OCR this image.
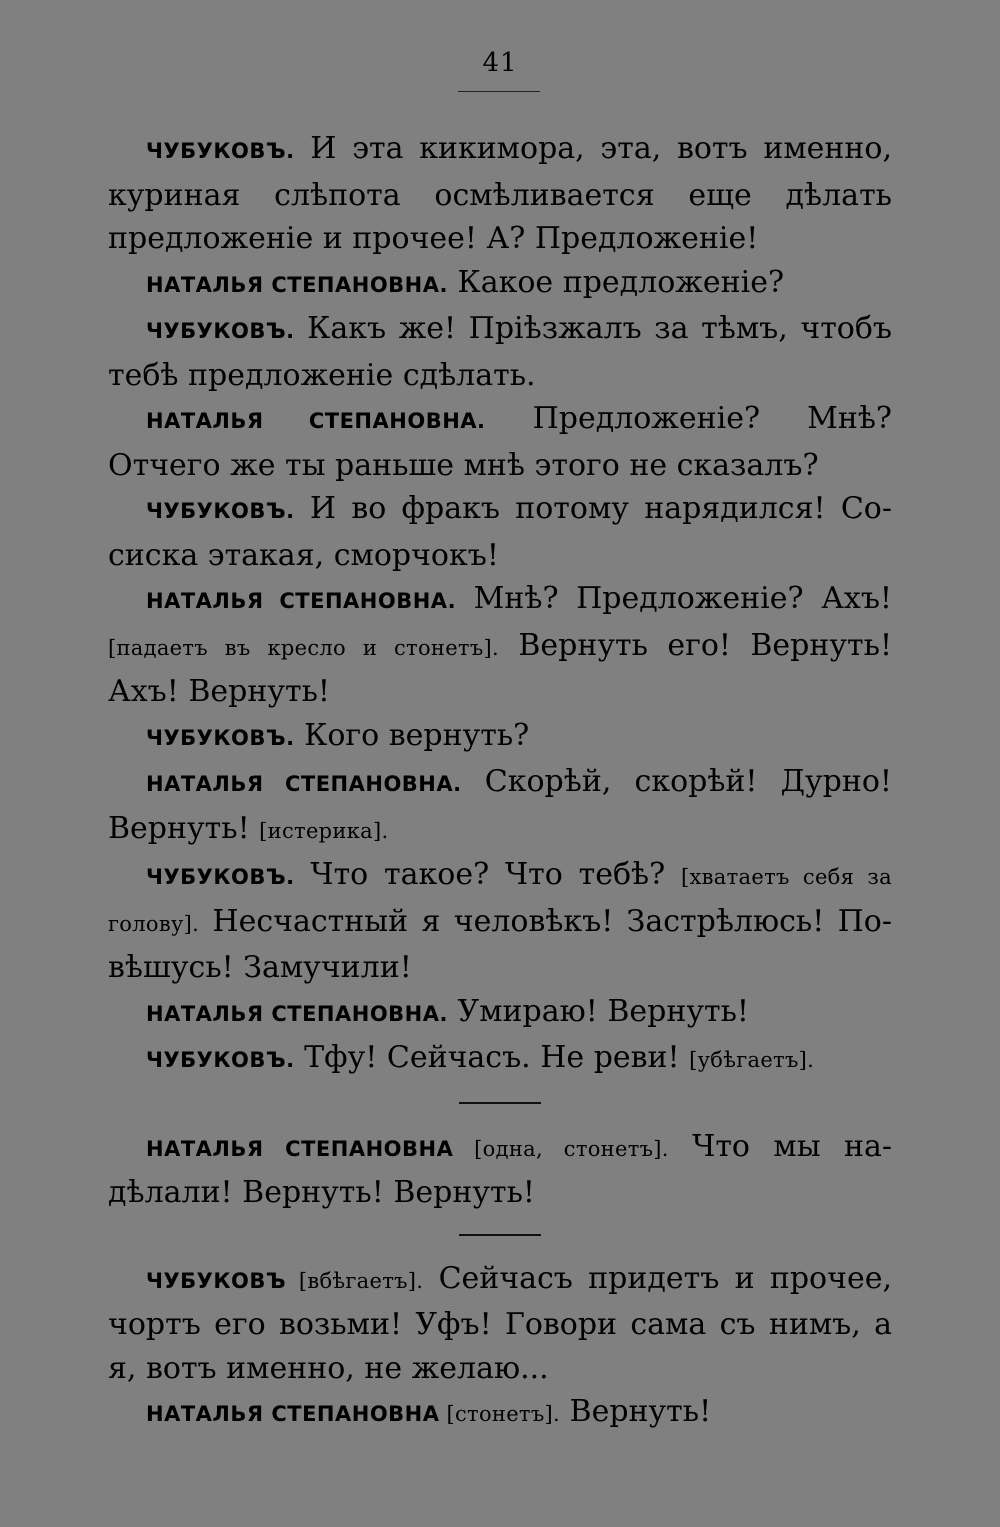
41

ЧУБУКОВЪ. И эта кикимора, эта, вотъ именно, куриная слѣпота осмѣливается еще дѣлать предложеніе и прочее! А? Предложеніе!

НАТАЛЬЯ СТЕПАНОВНА. Какое предложеніе?

ЧУБУКОВЪ. Какъ же! Пріѣзжалъ за тѣмъ, чтобъ тебѣ предложеніе сдѣлать.

НАТАЛЬЯ СТЕПАНОВНА. Предложеніе? Мнѣ? Отчего же ты раньше мнѣ этого не сказалъ?

ЧУБУКОВЪ. И во фракъ потому нарядился! Сосиска этакая, сморчокъ!

НАТАЛЬЯ СТЕПАНОВНА. Мнѣ? Предложеніе? Ахъ! [падаетъ въ кресло и стонетъ]. Вернуть его! Вернуть! Ахъ! Вернуть!

ЧУБУКОВЪ. Кого вернуть?

НАТАЛЬЯ СТЕПАНОВНА. Скорѣй, скорѣй! Дурно! Вернуть! [истерика].

ЧУБУКОВЪ. Что такое? Что тебѣ? [хватаетъ себя за голову]. Несчастный я человѣкъ! Застрѣлюсь! Повѣшусь! Замучили!

НАТАЛЬЯ СТЕПАНОВНА. Умираю! Вернуть!

ЧУБУКОВЪ. Тфу! Сейчасъ. Не реви! [убѣгаетъ].

НАТАЛЬЯ СТЕПАНОВНА [одна, стонетъ]. Что мы надѣлали! Вернуть! Вернуть!

ЧУБУКОВЪ [вбѣгаетъ]. Сейчасъ придетъ и прочее, чортъ его возьми! Уфъ! Говори сама съ нимъ, а я, вотъ именно, не желаю...

НАТАЛЬЯ СТЕПАНОВНА [стонетъ]. Вернуть!
